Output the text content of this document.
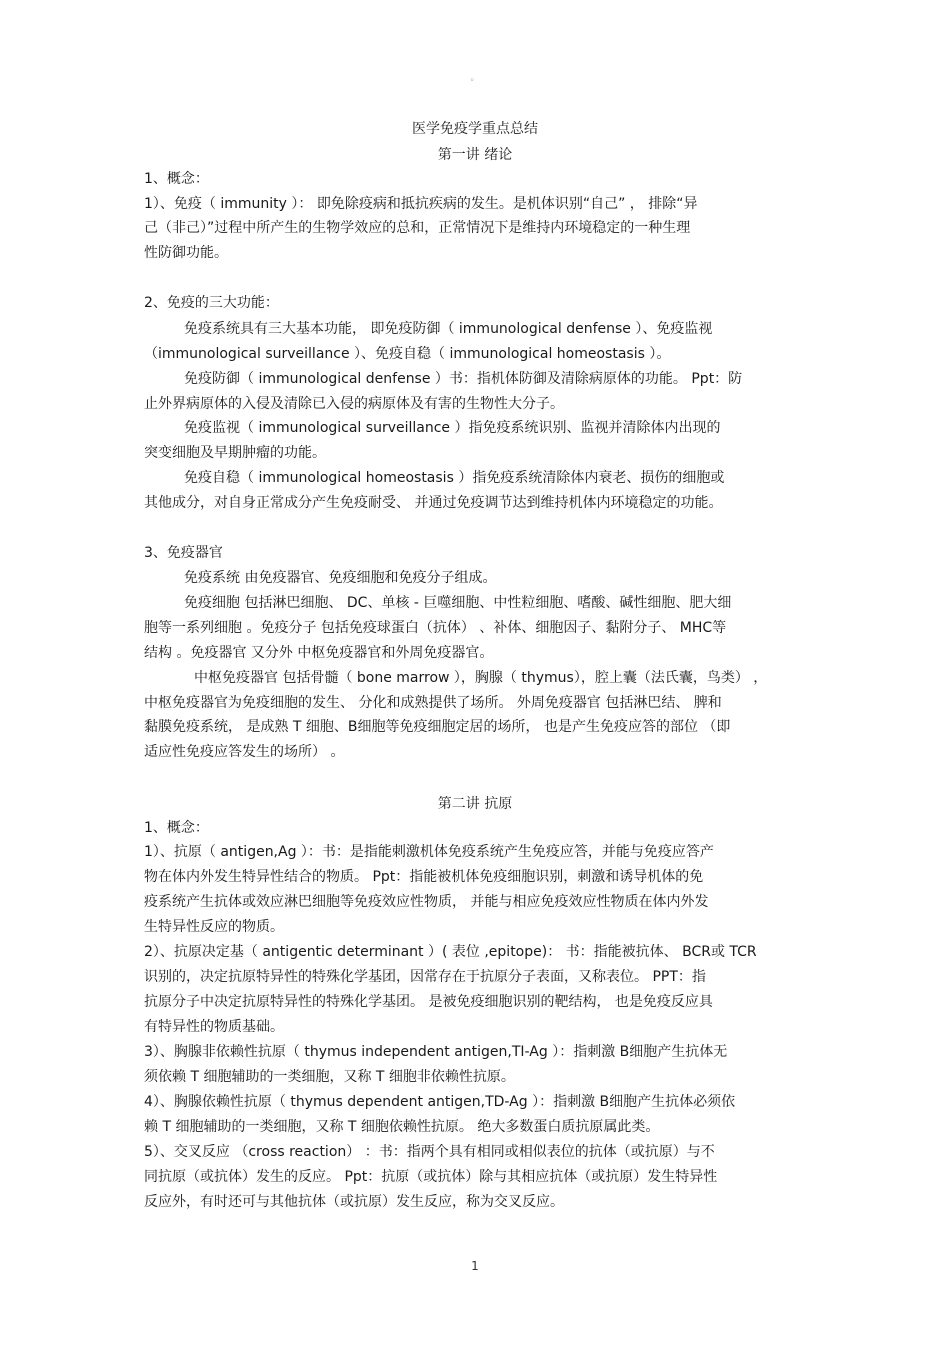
。
医学免疫学重点总结
第一讲 绪论
1、概念：
1）、免疫（ immunity ）： 即免除疫病和抵抗疾病的发生。是机体识别“自己” ， 排除“异
己（非己）”过程中所产生的生物学效应的总和，正常情况下是维持内环境稳定的一种生理
性防御功能。
2、免疫的三大功能：
免疫系统具有三大基本功能， 即免疫防御（ immunological denfense ）、免疫监视
（immunological surveillance ）、免疫自稳（ immunological homeostasis ）。
免疫防御（ immunological denfense ）书：指机体防御及清除病原体的功能。 Ppt：防
止外界病原体的入侵及清除已入侵的病原体及有害的生物性大分子。
免疫监视（ immunological surveillance ）指免疫系统识别、监视并清除体内出现的
突变细胞及早期肿瘤的功能。
免疫自稳（ immunological homeostasis ）指免疫系统清除体内衰老、损伤的细胞或
其他成分，对自身正常成分产生免疫耐受、 并通过免疫调节达到维持机体内环境稳定的功能。
3、免疫器官
免疫系统 由免疫器官、免疫细胞和免疫分子组成。
免疫细胞 包括淋巴细胞、 DC、单核 - 巨噬细胞、中性粒细胞、嗜酸、碱性细胞、肥大细
胞等一系列细胞 。免疫分子 包括免疫球蛋白（抗体） 、补体、细胞因子、黏附分子、 MHC等
结构 。免疫器官 又分外 中枢免疫器官和外周免疫器官。
中枢免疫器官 包括骨髓（ bone marrow ），胸腺（ thymus），腔上囊（法氏囊，鸟类） ，
中枢免疫器官为免疫细胞的发生、 分化和成熟提供了场所。 外周免疫器官 包括淋巴结、 脾和
黏膜免疫系统， 是成熟 T 细胞、B细胞等免疫细胞定居的场所， 也是产生免疫应答的部位 （即
适应性免疫应答发生的场所） 。
第二讲 抗原
1、概念：
1）、抗原（ antigen,Ag ）：书：是指能刺激机体免疫系统产生免疫应答，并能与免疫应答产
物在体内外发生特异性结合的物质。 Ppt：指能被机体免疫细胞识别，刺激和诱导机体的免
疫系统产生抗体或效应淋巴细胞等免疫效应性物质， 并能与相应免疫效应性物质在体内外发
生特异性反应的物质。
2）、抗原决定基（ antigentic determinant ）( 表位 ,epitope)： 书：指能被抗体、 BCR或 TCR
识别的，决定抗原特异性的特殊化学基团，因常存在于抗原分子表面，又称表位。 PPT：指
抗原分子中决定抗原特异性的特殊化学基团。 是被免疫细胞识别的靶结构， 也是免疫反应具
有特异性的物质基础。
3）、胸腺非依赖性抗原（ thymus independent antigen,TI-Ag ）：指刺激 B细胞产生抗体无
须依赖 T 细胞辅助的一类细胞，又称 T 细胞非依赖性抗原。
4）、胸腺依赖性抗原（ thymus dependent antigen,TD-Ag ）：指刺激 B细胞产生抗体必须依
赖 T 细胞辅助的一类细胞，又称 T 细胞依赖性抗原。 绝大多数蛋白质抗原属此类。
5）、交叉反应 （cross reaction） ：书：指两个具有相同或相似表位的抗体（或抗原）与不
同抗原（或抗体）发生的反应。 Ppt：抗原（或抗体）除与其相应抗体（或抗原）发生特异性
反应外，有时还可与其他抗体（或抗原）发生反应，称为交叉反应。
1
